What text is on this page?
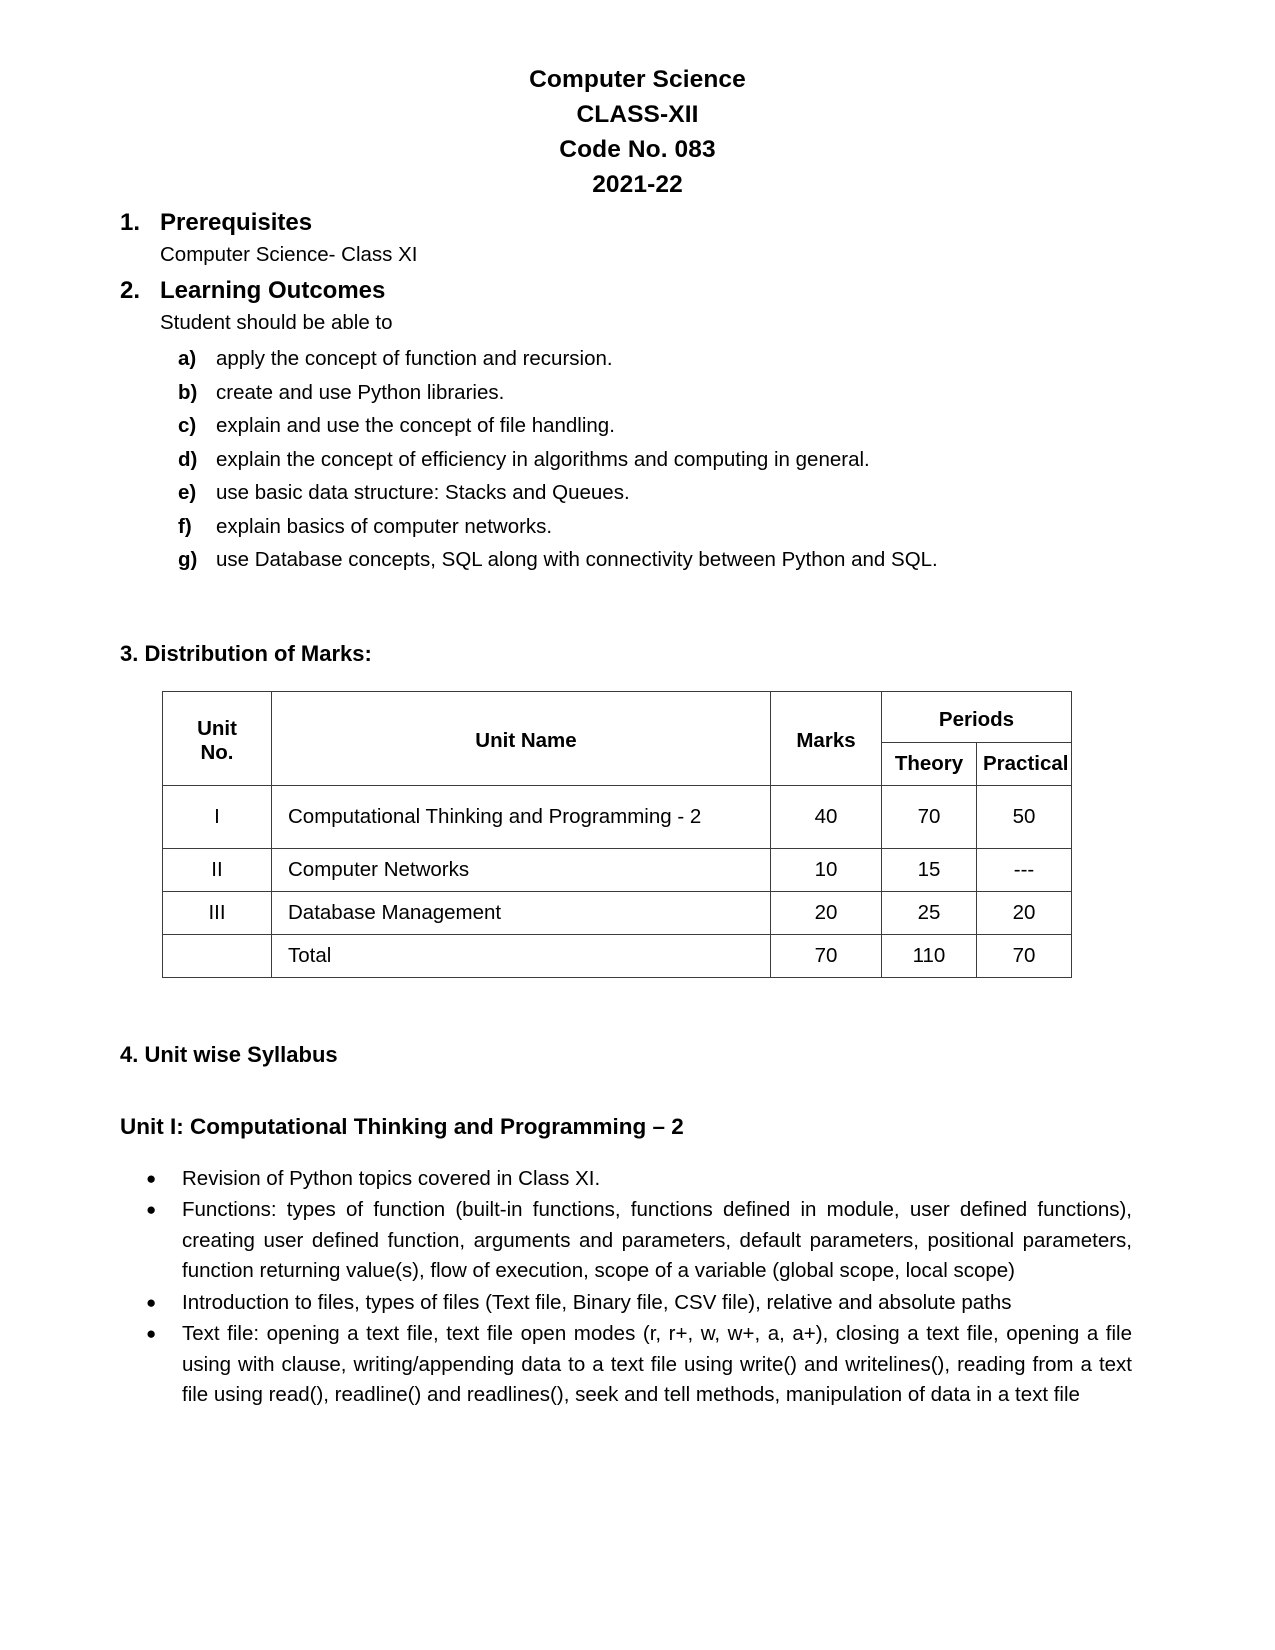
Computer Science
CLASS-XII
Code No. 083
2021-22
1. Prerequisites
Computer Science- Class XI
2. Learning Outcomes
Student should be able to
a) apply the concept of function and recursion.
b) create and use Python libraries.
c) explain and use the concept of file handling.
d) explain the concept of efficiency in algorithms and computing in general.
e) use basic data structure: Stacks and Queues.
f)	explain basics of computer networks.
g) use Database concepts, SQL along with connectivity between Python and SQL.
3. Distribution of Marks:
Unit
No.	Unit Name	Marks	Periods	
			Theory	Practical
I	Computational Thinking and Programming - 2	40	70	50
II	Computer Networks	10	15	---
III	Database Management	20	25	20
	Total	70	110	70
4. Unit wise Syllabus
Unit I: Computational Thinking and Programming – 2
●	Revision of Python topics covered in Class XI.
●	Functions: types of function (built-in functions, functions defined in module, user defined functions), creating user defined function, arguments and parameters, default parameters, positional parameters, function returning value(s), flow of execution, scope of a variable (global scope, local scope)
●	Introduction to files, types of files (Text file, Binary file, CSV file), relative and absolute paths
●	Text file: opening a text file, text file open modes (r, r+, w, w+, a, a+), closing a text file, opening a file using with clause, writing/appending data to a text file using write() and writelines(), reading from a text file using read(), readline() and readlines(), seek and tell methods, manipulation of data in a text file
